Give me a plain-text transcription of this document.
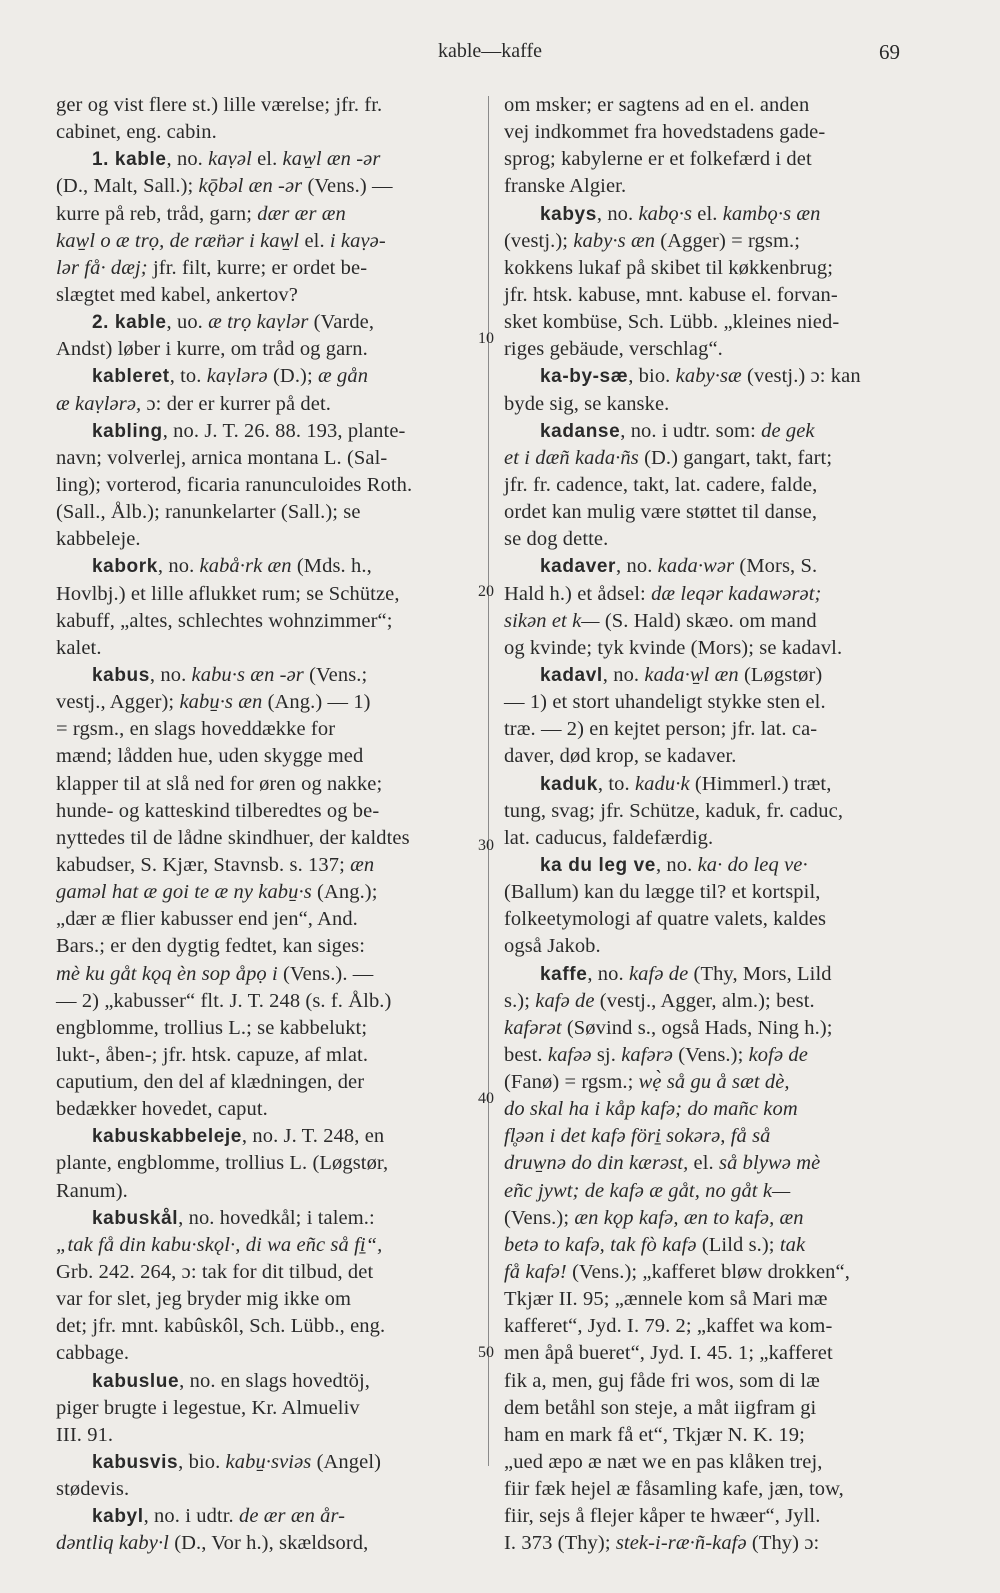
kable—kaffe	69
ger og vist flere st.) lille værelse; jfr. fr.
cabinet, eng. cabin.
1. kable, no. kaṿəl el. kaw̱l æn -ər
(D., Malt, Sall.); kǭbəl æn -ər (Vens.) —
kurre på reb, tråd, garn; dær ær æn
kaw̱l o æ trọ, de ræn̈ər i kaw̱l el. i kaṿə-
lər få· dæj; jfr. filt, kurre; er ordet be-
slægtet med kabel, ankertov?
2. kable, uo. æ trọ kaṿlər (Varde,
Andst) løber i kurre, om tråd og garn.
kableret, to. kaṿlərə (D.); æ gån
æ kaṿlərə, ɔ: der er kurrer på det.
kabling, no. J. T. 26. 88. 193, plante-
navn; volverlej, arnica montana L. (Sal-
ling); vorterod, ficaria ranunculoides Roth.
(Sall., Ålb.); ranunkelarter (Sall.); se
kabbeleje.
kabork, no. kabå·rk æn (Mds. h.,
Hovlbj.) et lille aflukket rum; se Schütze,
kabuff, „altes, schlechtes wohnzimmer“;
kalet.
kabus, no. kabu·s æn -ər (Vens.;
vestj., Agger); kabu̱·s æn (Ang.) — 1)
= rgsm., en slags hoveddække for
mænd; lådden hue, uden skygge med
klapper til at slå ned for øren og nakke;
hunde- og katteskind tilberedtes og be-
nyttedes til de lådne skindhuer, der kaldtes
kabudser, S. Kjær, Stavnsb. s. 137; æn
gaməl hat æ goi te æ ny kabu̱·s (Ang.);
„dær æ flier kabusser end jen“, And.
Bars.; er den dygtig fedtet, kan siges:
mè ku gåt kǫq èn sop åpọ i (Vens.). —
— 2) „kabusser“ flt. J. T. 248 (s. f. Ålb.)
engblomme, trollius L.; se kabbelukt;
lukt-, åben-; jfr. htsk. capuze, af mlat.
caputium, den del af klædningen, der
bedækker hovedet, caput.
kabuskabbeleje, no. J. T. 248, en
plante, engblomme, trollius L. (Løgstør,
Ranum).
kabuskål, no. hovedkål; i talem.:
„tak få din kabu·skǫl·, di wa eñc så fi̱“,
Grb. 242. 264, ɔ: tak for dit tilbud, det
var for slet, jeg bryder mig ikke om
det; jfr. mnt. kabûskôl, Sch. Lübb., eng.
cabbage.
kabuslue, no. en slags hovedtöj,
piger brugte i legestue, Kr. Almueliv
III. 91.
kabusvis, bio. kabu̱·sviəs (Angel)
stødevis.
kabyl, no. i udtr. de ær æn år-
dəntliq kaby·l (D., Vor h.), skældsord,
om msker; er sagtens ad en el. anden
vej indkommet fra hovedstadens gade-
sprog; kabylerne er et folkefærd i det
franske Algier.
kabys, no. kabǫ·s el. kambǫ·s æn
(vestj.); kaby·s æn (Agger) = rgsm.;
kokkens lukaf på skibet til køkkenbrug;
jfr. htsk. kabuse, mnt. kabuse el. forvan-
sket kombüse, Sch. Lübb. „kleines nied-
riges gebäude, verschlag“.
ka-by-sæ, bio. kaby·sæ (vestj.) ɔ: kan
byde sig, se kanske.
kadanse, no. i udtr. som: de gek
et i dæñ kada·ñs (D.) gangart, takt, fart;
jfr. fr. cadence, takt, lat. cadere, falde,
ordet kan mulig være støttet til danse,
se dog dette.
kadaver, no. kada·wər (Mors, S.
Hald h.) et ådsel: dæ leqər kadawərət;
sikən et k— (S. Hald) skæo. om mand
og kvinde; tyk kvinde (Mors); se kadavl.
kadavl, no. kada·w̱l æn (Løgstør)
— 1) et stort uhandeligt stykke sten el.
træ. — 2) en kejtet person; jfr. lat. ca-
daver, død krop, se kadaver.
kaduk, to. kadu·k (Himmerl.) træt,
tung, svag; jfr. Schütze, kaduk, fr. caduc,
lat. caducus, faldefærdig.
ka du leg ve, no. ka· do leq ve·
(Ballum) kan du lægge til? et kortspil,
folkeetymologi af quatre valets, kaldes
også Jakob.
kaffe, no. kafə de (Thy, Mors, Lild
s.); kafə de (vestj., Agger, alm.); best.
kafərət (Søvind s., også Hads, Ning h.);
best. kafəə sj. kafərə (Vens.); kofə de
(Fanø) = rgsm.; wẹ̀ så gu å sæt dè,
do skal ha i kåp kafə; do mañc kom
fl̥əən i det kafə föri̱ sokərə, få så
druw̱nə do din kærəst, el. så blywə mè
eñc jywt; de kafə æ gåt, no gåt k—
(Vens.); æn kǫp kafə, æn to kafə, æn
betə to kafə, tak fò kafə (Lild s.); tak
få kafə! (Vens.); „kafferet bløw drokken“,
Tkjær II. 95; „ænnele kom så Mari mæ
kafferet“, Jyd. I. 79. 2; „kaffet wa kom-
men åpå bueret“, Jyd. I. 45. 1; „kafferet
fik a, men, guj fåde fri wos, som di læ
dem betåhl son steje, a måt iigfram gi
ham en mark få et“, Tkjær N. K. 19;
„ued æpo æ næt we en pas klåken trej,
fiir fæk hejel æ fåsamling kafe, jæn, tow,
fiir, sejs å flejer kåper te hwæer“, Jyll.
I. 373 (Thy); stek-i-ræ·ñ-kafə (Thy) ɔ:
10
20
30
40
50
